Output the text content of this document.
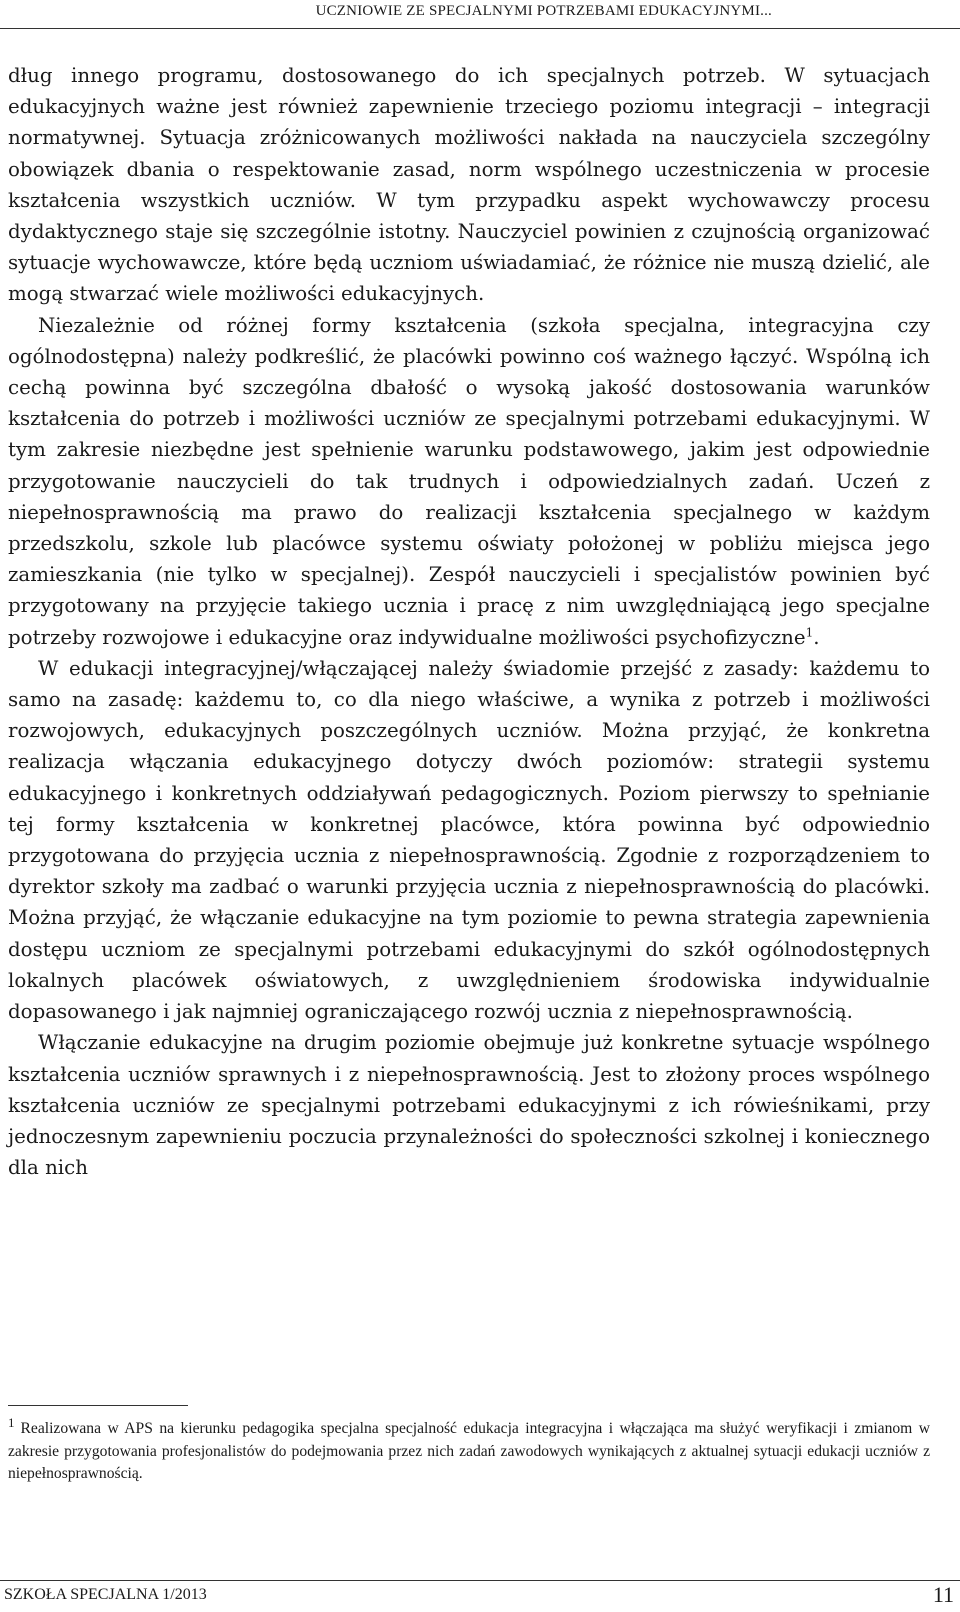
UCZNIOWIE ZE SPECJALNYMI POTRZEBAMI EDUKACYJNYMI...

dług innego programu, dostosowanego do ich specjalnych potrzeb. W sytuacjach edukacyjnych ważne jest również zapewnienie trzeciego poziomu integracji – integracji normatywnej. Sytuacja zróżnicowanych możliwości nakłada na nauczyciela szczególny obowiązek dbania o respektowanie zasad, norm wspólnego uczestniczenia w procesie kształcenia wszystkich uczniów. W tym przypadku aspekt wychowawczy procesu dydaktycznego staje się szczególnie istotny. Nauczyciel powinien z czujnością organizować sytuacje wychowawcze, które będą uczniom uświadamiać, że różnice nie muszą dzielić, ale mogą stwarzać wiele możliwości edukacyjnych.

Niezależnie od różnej formy kształcenia (szkoła specjalna, integracyjna czy ogólnodostępna) należy podkreślić, że placówki powinno coś ważnego łączyć. Wspólną ich cechą powinna być szczególna dbałość o wysoką jakość dostosowania warunków kształcenia do potrzeb i możliwości uczniów ze specjalnymi potrzebami edukacyjnymi. W tym zakresie niezbędne jest spełnienie warunku podstawowego, jakim jest odpowiednie przygotowanie nauczycieli do tak trudnych i odpowiedzialnych zadań. Uczeń z niepełnosprawnością ma prawo do realizacji kształcenia specjalnego w każdym przedszkolu, szkole lub placówce systemu oświaty położonej w pobliżu miejsca jego zamieszkania (nie tylko w specjalnej). Zespół nauczycieli i specjalistów powinien być przygotowany na przyjęcie takiego ucznia i pracę z nim uwzględniającą jego specjalne potrzeby rozwojowe i edukacyjne oraz indywidualne możliwości psychofizyczne$^1$.

W edukacji integracyjnej/włączającej należy świadomie przejść z zasady: każdemu to samo na zasadę: każdemu to, co dla niego właściwe, a wynika z potrzeb i możliwości rozwojowych, edukacyjnych poszczególnych uczniów. Można przyjąć, że konkretna realizacja włączania edukacyjnego dotyczy dwóch poziomów: strategii systemu edukacyjnego i konkretnych oddziaływań pedagogicznych. Poziom pierwszy to spełnianie tej formy kształcenia w konkretnej placówce, która powinna być odpowiednio przygotowana do przyjęcia ucznia z niepełnosprawnością. Zgodnie z rozporządzeniem to dyrektor szkoły ma zadbać o warunki przyjęcia ucznia z niepełnosprawnością do placówki. Można przyjąć, że włączanie edukacyjne na tym poziomie to pewna strategia zapewnienia dostępu uczniom ze specjalnymi potrzebami edukacyjnymi do szkół ogólnodostępnych lokalnych placówek oświatowych, z uwzględnieniem środowiska indywidualnie dopasowanego i jak najmniej ograniczającego rozwój ucznia z niepełnosprawnością.

Włączanie edukacyjne na drugim poziomie obejmuje już konkretne sytuacje wspólnego kształcenia uczniów sprawnych i z niepełnosprawnością. Jest to złożony proces wspólnego kształcenia uczniów ze specjalnymi potrzebami edukacyjnymi z ich rówieśnikami, przy jednoczesnym zapewnieniu poczucia przynależności do społeczności szkolnej i koniecznego dla nich

$^1$ Realizowana w APS na kierunku pedagogika specjalna specjalność edukacja integracyjna i włączająca ma służyć weryfikacji i zmianom w zakresie przygotowania profesjonalistów do podejmowania przez nich zadań zawodowych wynikających z aktualnej sytuacji edukacji uczniów z niepełnosprawnością.
SZKOŁA SPECJALNA 1/2013	11
